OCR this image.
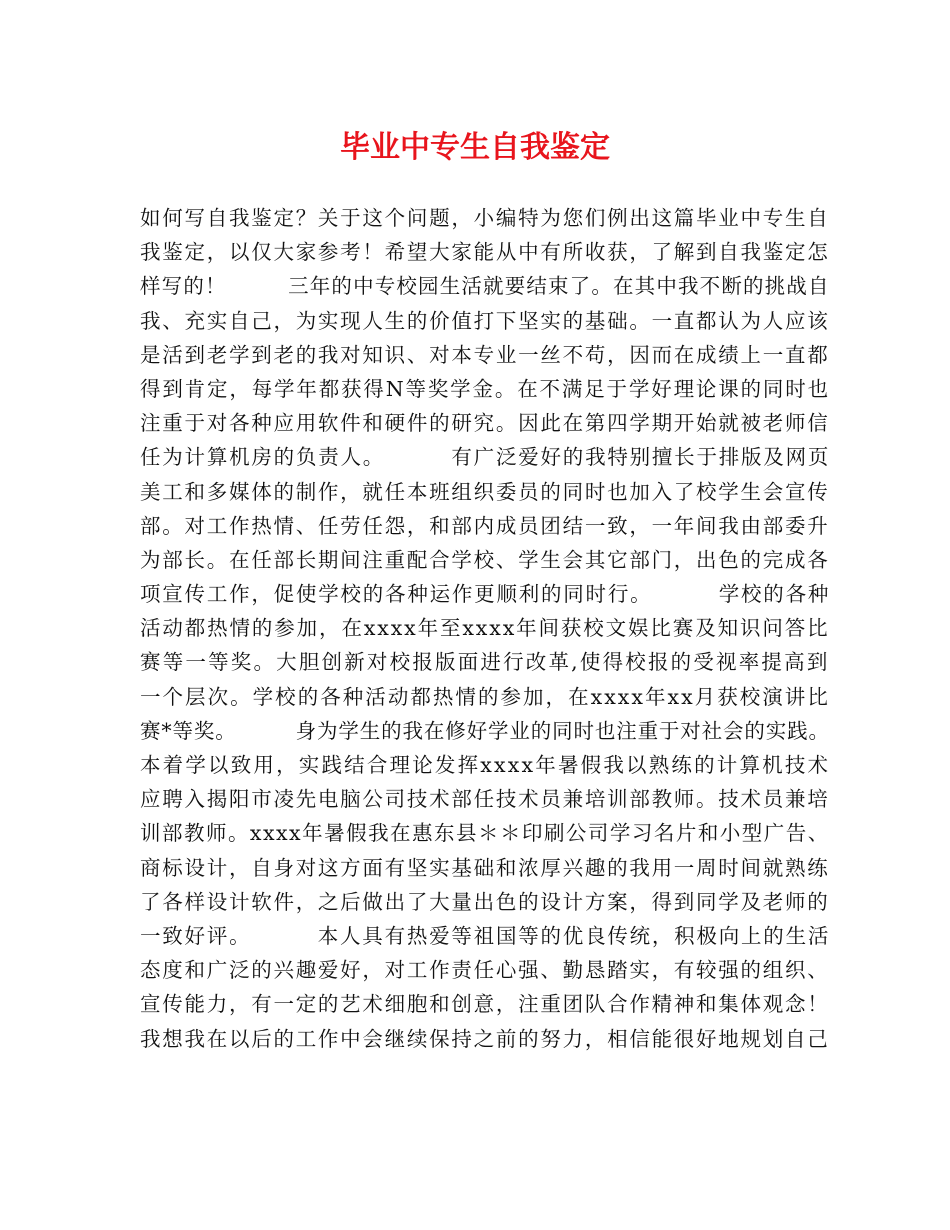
毕业中专生自我鉴定
如何写自我鉴定？关于这个问题，小编特为您们例出这篇毕业中专生自
我鉴定，以仅大家参考！希望大家能从中有所收获，了解到自我鉴定怎
样写的！        三年的中专校园生活就要结束了。在其中我不断的挑战自
我、充实自己，为实现人生的价值打下坚实的基础。一直都认为人应该
是活到老学到老的我对知识、对本专业一丝不苟，因而在成绩上一直都
得到肯定，每学年都获得N等奖学金。在不满足于学好理论课的同时也
注重于对各种应用软件和硬件的研究。因此在第四学期开始就被老师信
任为计算机房的负责人。        有广泛爱好的我特别擅长于排版及网页
美工和多媒体的制作，就任本班组织委员的同时也加入了校学生会宣传
部。对工作热情、任劳任怨，和部内成员团结一致，一年间我由部委升
为部长。在任部长期间注重配合学校、学生会其它部门，出色的完成各
项宣传工作，促使学校的各种运作更顺利的同时行。        学校的各种
活动都热情的参加，在xxxx年至xxxx年间获校文娱比赛及知识问答比
赛等一等奖。大胆创新对校报版面进行改革,使得校报的受视率提高到
一个层次。学校的各种活动都热情的参加，在xxxx年xx月获校演讲比
赛*等奖。        身为学生的我在修好学业的同时也注重于对社会的实践。
本着学以致用，实践结合理论发挥xxxx年暑假我以熟练的计算机技术
应聘入揭阳市凌先电脑公司技术部任技术员兼培训部教师。技术员兼培
训部教师。xxxx年暑假我在惠东县＊＊印刷公司学习名片和小型广告、
商标设计，自身对这方面有坚实基础和浓厚兴趣的我用一周时间就熟练
了各样设计软件，之后做出了大量出色的设计方案，得到同学及老师的
一致好评。        本人具有热爱等祖国等的优良传统，积极向上的生活
态度和广泛的兴趣爱好，对工作责任心强、勤恳踏实，有较强的组织、
宣传能力，有一定的艺术细胞和创意，注重团队合作精神和集体观念！
我想我在以后的工作中会继续保持之前的努力，相信能很好地规划自己
